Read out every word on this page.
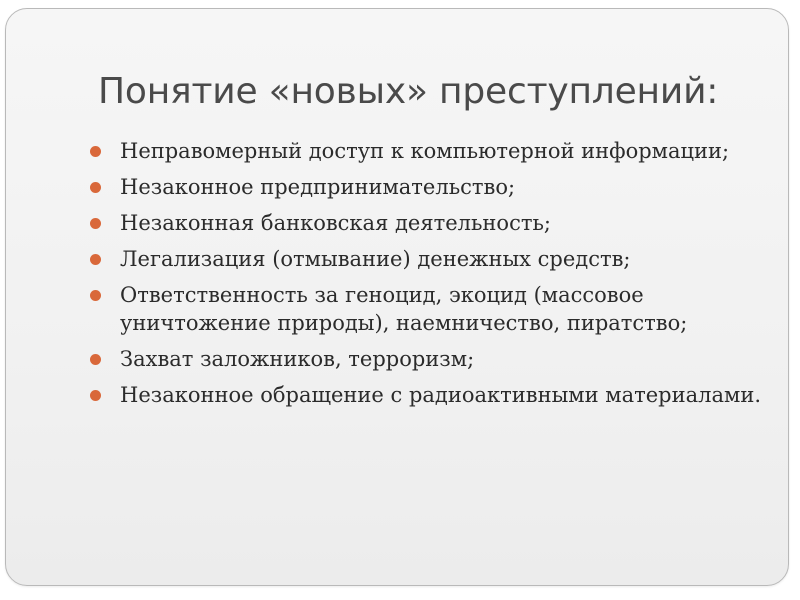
Понятие «новых» преступлений:
Неправомерный доступ к компьютерной информации;
Незаконное предпринимательство;
Незаконная банковская деятельность;
Легализация (отмывание) денежных средств;
Ответственность за геноцид, экоцид (массовое уничтожение природы), наемничество, пиратство;
Захват заложников, терроризм;
Незаконное обращение с радиоактивными материалами.
